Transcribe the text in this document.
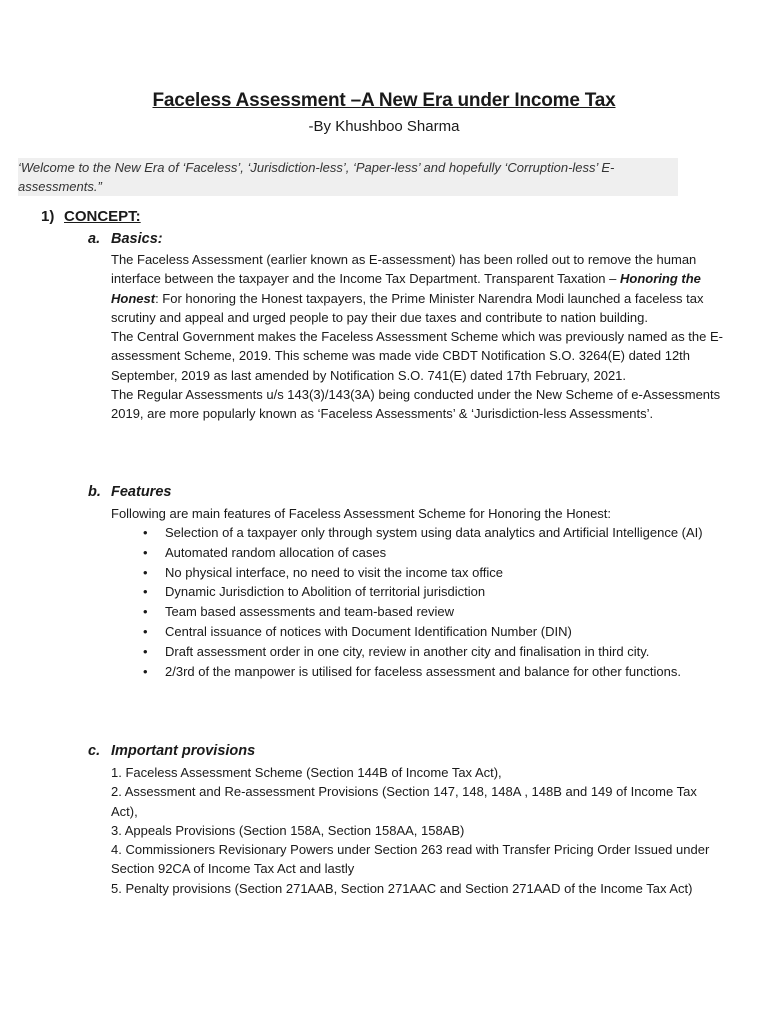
Faceless Assessment –A New Era under Income Tax
-By Khushboo Sharma
‘Welcome to the New Era of ‘Faceless’, ‘Jurisdiction-less’, ‘Paper-less’ and hopefully ‘Corruption-less’ E-assessments.”
1) CONCEPT:
a. Basics:

The Faceless Assessment (earlier known as E-assessment) has been rolled out to remove the human interface between the taxpayer and the Income Tax Department. Transparent Taxation – Honoring the Honest: For honoring the Honest taxpayers, the Prime Minister Narendra Modi launched a faceless tax scrutiny and appeal and urged people to pay their due taxes and contribute to nation building.

The Central Government makes the Faceless Assessment Scheme which was previously named as the E-assessment Scheme, 2019. This scheme was made vide CBDT Notification S.O. 3264(E) dated 12th September, 2019 as last amended by Notification S.O. 741(E) dated 17th February, 2021.

The Regular Assessments u/s 143(3)/143(3A) being conducted under the New Scheme of e-Assessments 2019, are more popularly known as ‘Faceless Assessments’ & ‘Jurisdiction-less Assessments’.

b. Features
Following are main features of Faceless Assessment Scheme for Honoring the Honest:
• Selection of a taxpayer only through system using data analytics and Artificial Intelligence (AI)
• Automated random allocation of cases
• No physical interface, no need to visit the income tax office
• Dynamic Jurisdiction to Abolition of territorial jurisdiction
• Team based assessments and team-based review
• Central issuance of notices with Document Identification Number (DIN)
• Draft assessment order in one city, review in another city and finalisation in third city.
• 2/3rd of the manpower is utilised for faceless assessment and balance for other functions.
c. Important provisions
1. Faceless Assessment Scheme (Section 144B of Income Tax Act),
2. Assessment and Re-assessment Provisions (Section 147, 148, 148A , 148B and 149 of Income Tax Act),
3. Appeals Provisions (Section 158A, Section 158AA, 158AB)
4. Commissioners Revisionary Powers under Section 263 read with Transfer Pricing Order Issued under Section 92CA of Income Tax Act and lastly
5. Penalty provisions (Section 271AAB, Section 271AAC and Section 271AAD of the Income Tax Act)
